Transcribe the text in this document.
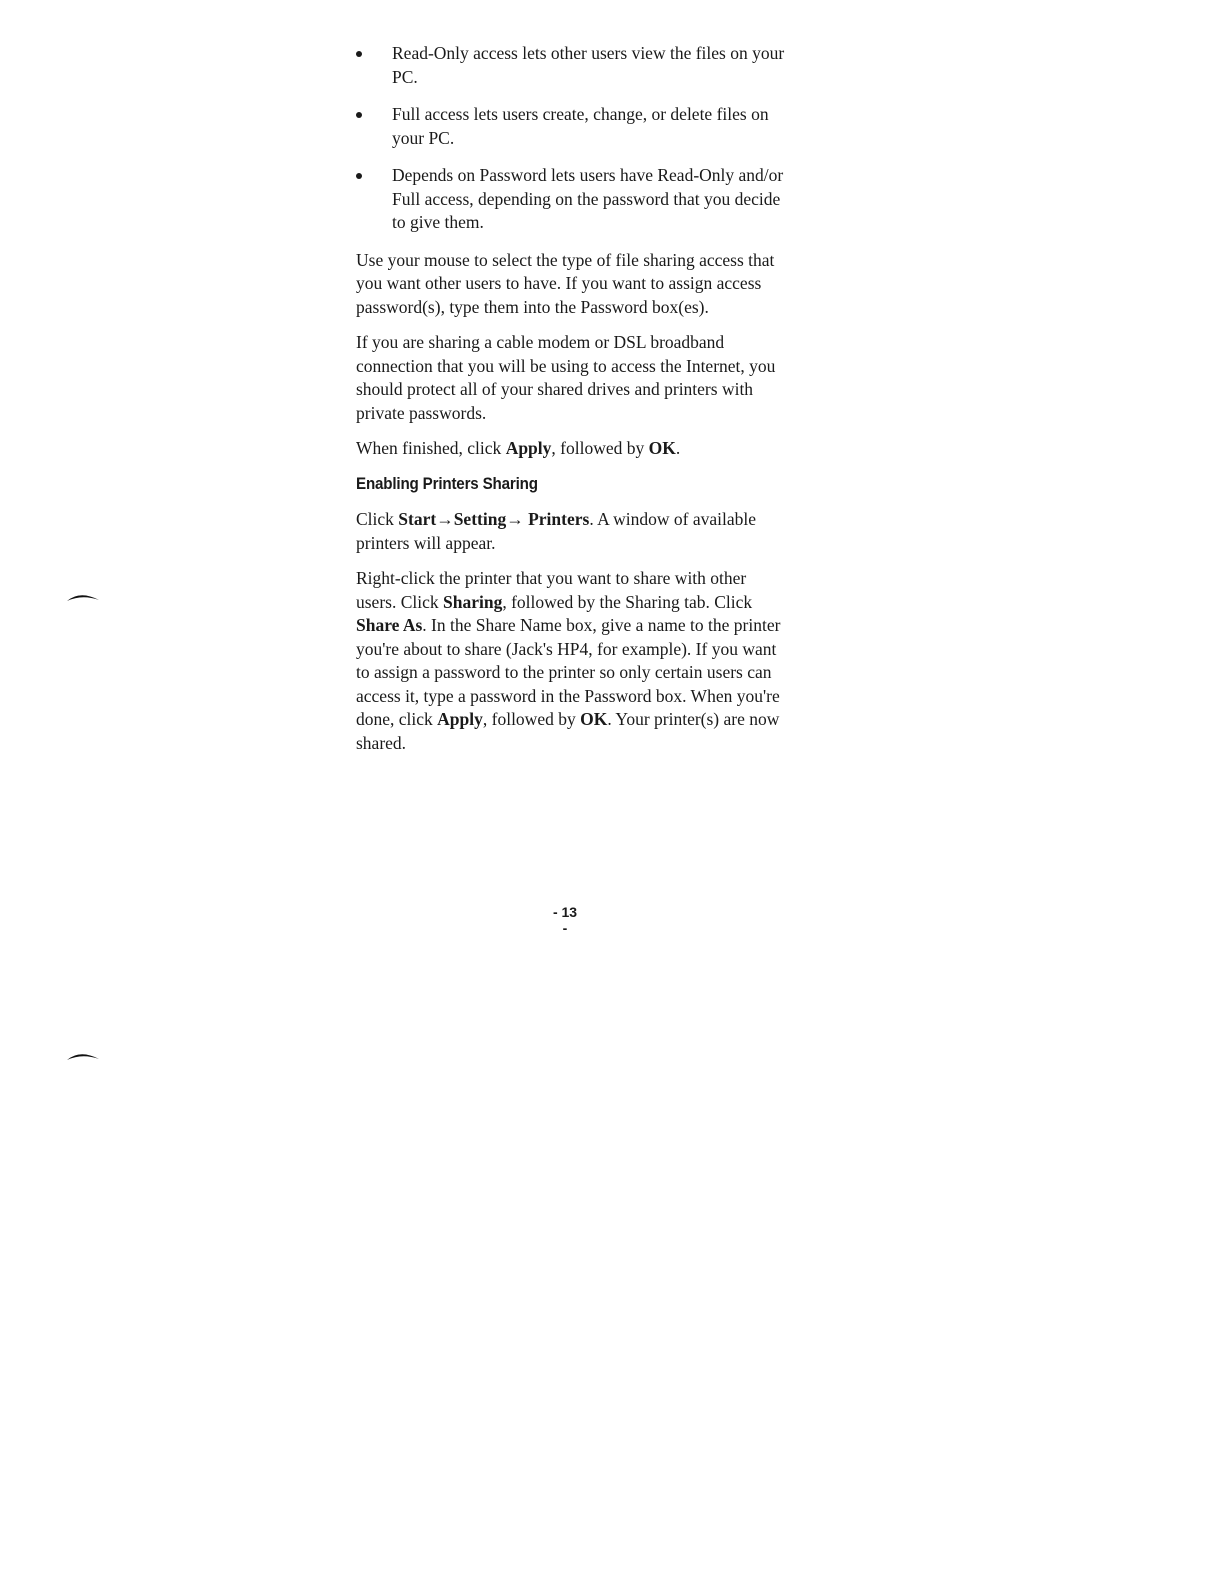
Read-Only access lets other users view the files on your PC.
Full access lets users create, change, or delete files on your PC.
Depends on Password lets users have Read-Only and/or Full access, depending on the password that you decide to give them.

Use your mouse to select the type of file sharing access that you want other users to have. If you want to assign access password(s), type them into the Password box(es).

If you are sharing a cable modem or DSL broadband connection that you will be using to access the Internet, you should protect all of your shared drives and printers with private passwords.

When finished, click Apply, followed by OK.

Enabling Printers Sharing

Click Start→Setting→ Printers. A window of available printers will appear.

Right-click the printer that you want to share with other users. Click Sharing, followed by the Sharing tab. Click Share As. In the Share Name box, give a name to the printer you're about to share (Jack's HP4, for example). If you want to assign a password to the printer so only certain users can access it, type a password in the Password box. When you're done, click Apply, followed by OK. Your printer(s) are now shared.

- 13 -
